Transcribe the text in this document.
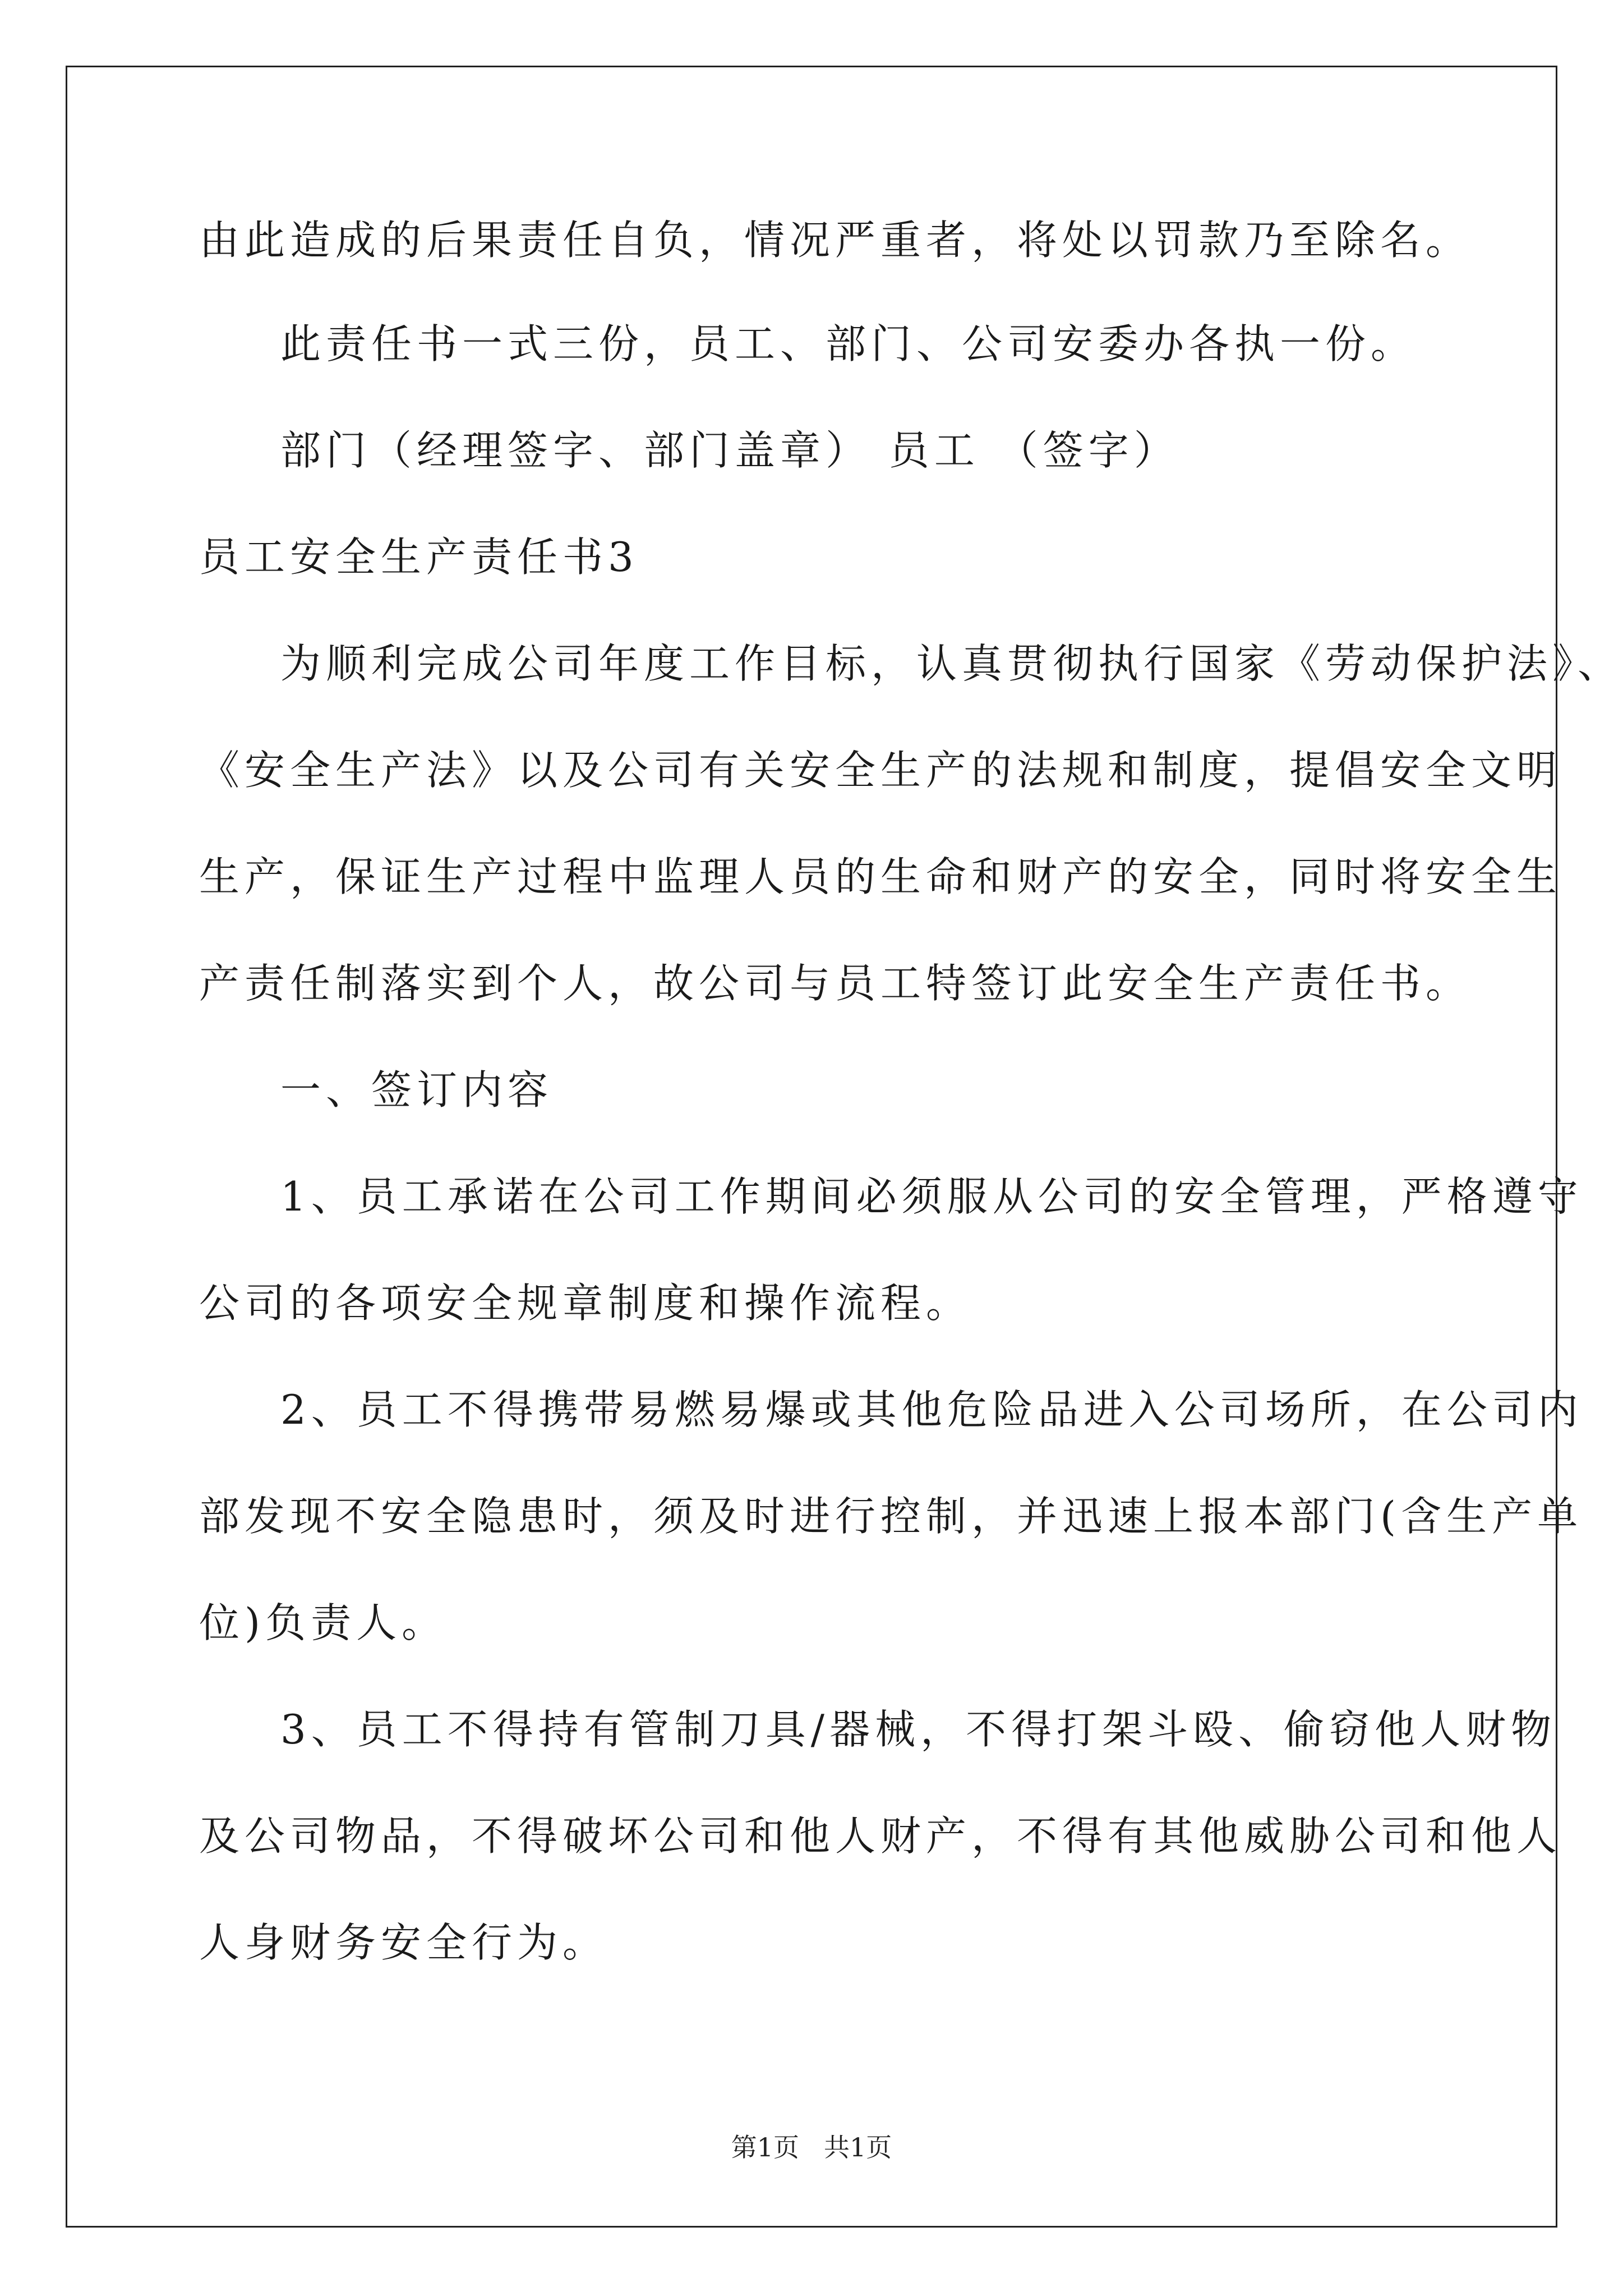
由此造成的后果责任自负，情况严重者，将处以罚款乃至除名。
此责任书一式三份，员工、部门、公司安委办各执一份。
部门（经理签字、部门盖章） 员工 （签字）
员工安全生产责任书3
为顺利完成公司年度工作目标，认真贯彻执行国家《劳动保护法》、
《安全生产法》以及公司有关安全生产的法规和制度，提倡安全文明
生产，保证生产过程中监理人员的生命和财产的安全，同时将安全生
产责任制落实到个人，故公司与员工特签订此安全生产责任书。
一、签订内容
1、员工承诺在公司工作期间必须服从公司的安全管理，严格遵守
公司的各项安全规章制度和操作流程。
2、员工不得携带易燃易爆或其他危险品进入公司场所，在公司内
部发现不安全隐患时，须及时进行控制，并迅速上报本部门(含生产单
位)负责人。
3、员工不得持有管制刀具/器械，不得打架斗殴、偷窃他人财物
及公司物品，不得破坏公司和他人财产，不得有其他威胁公司和他人
人身财务安全行为。
第1页 共1页
